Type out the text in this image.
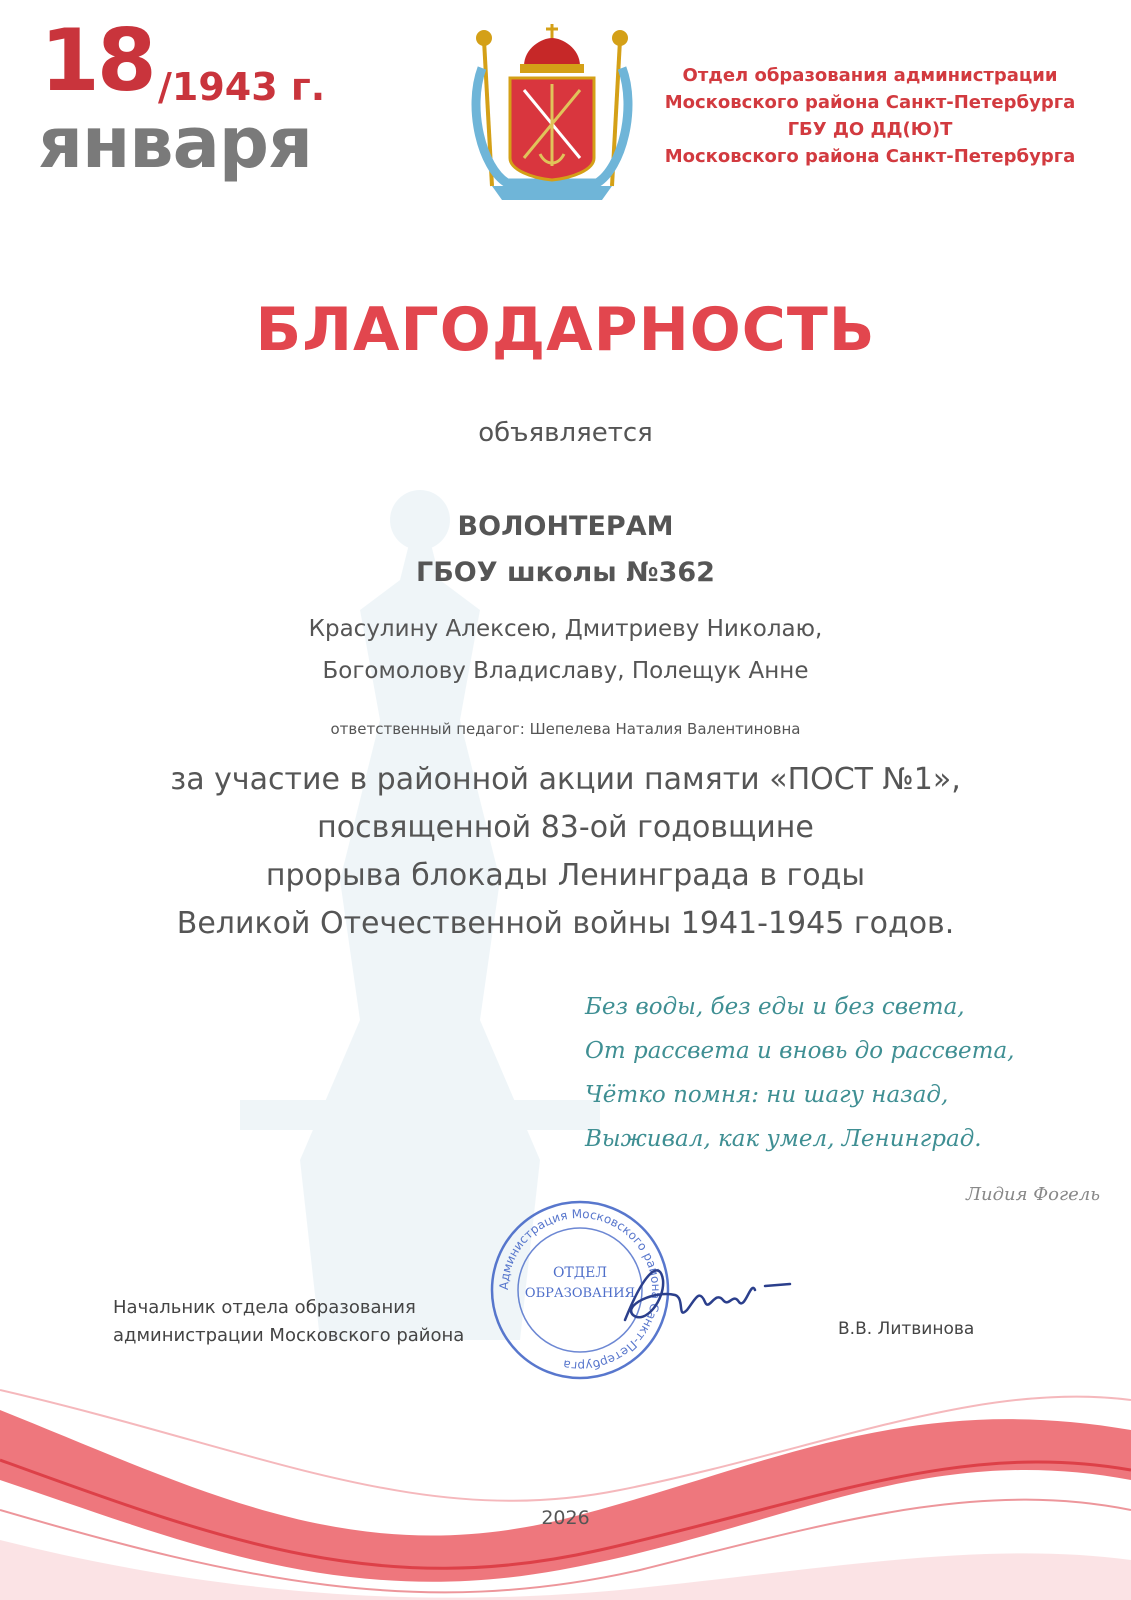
18 /1943 г.
января
Отдел образования администрации
Московского района Санкт-Петербурга
ГБУ ДО ДД(Ю)Т
Московского района Санкт-Петербурга
БЛАГОДАРНОСТЬ
объявляется
ВОЛОНТЕРАМ
ГБОУ школы №362
Красулину Алексею, Дмитриеву Николаю,
Богомолову Владиславу, Полещук Анне
ответственный педагог: Шепелева Наталия Валентиновна
за участие в районной акции памяти «ПОСТ №1»,
посвященной 83-ой годовщине
прорыва блокады Ленинграда в годы
Великой Отечественной войны 1941-1945 годов.
Без воды, без еды и без света,
От рассвета и вновь до рассвета,
Чётко помня: ни шагу назад,
Выживал, как умел, Ленинград.
Лидия Фогель
Начальник отдела образования
администрации Московского района
Администрация Московского района Санкт-Петербурга
ОТДЕЛ
ОБРАЗОВАНИЯ
В.В. Литвинова
2026
